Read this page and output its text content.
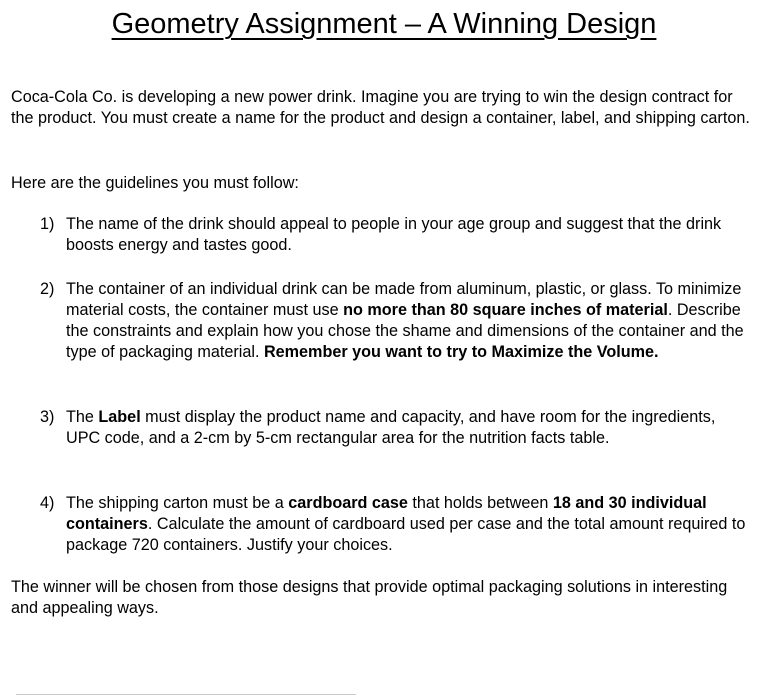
Geometry Assignment – A Winning Design
Coca-Cola Co. is developing a new power drink. Imagine you are trying to win the design contract for the product. You must create a name for the product and design a container, label, and shipping carton.
Here are the guidelines you must follow:
1) The name of the drink should appeal to people in your age group and suggest that the drink boosts energy and tastes good.
2) The container of an individual drink can be made from aluminum, plastic, or glass. To minimize material costs, the container must use no more than 80 square inches of material. Describe the constraints and explain how you chose the shame and dimensions of the container and the type of packaging material. Remember you want to try to Maximize the Volume.
3) The Label must display the product name and capacity, and have room for the ingredients, UPC code, and a 2-cm by 5-cm rectangular area for the nutrition facts table.
4) The shipping carton must be a cardboard case that holds between 18 and 30 individual containers. Calculate the amount of cardboard used per case and the total amount required to package 720 containers. Justify your choices.
The winner will be chosen from those designs that provide optimal packaging solutions in interesting and appealing ways.
